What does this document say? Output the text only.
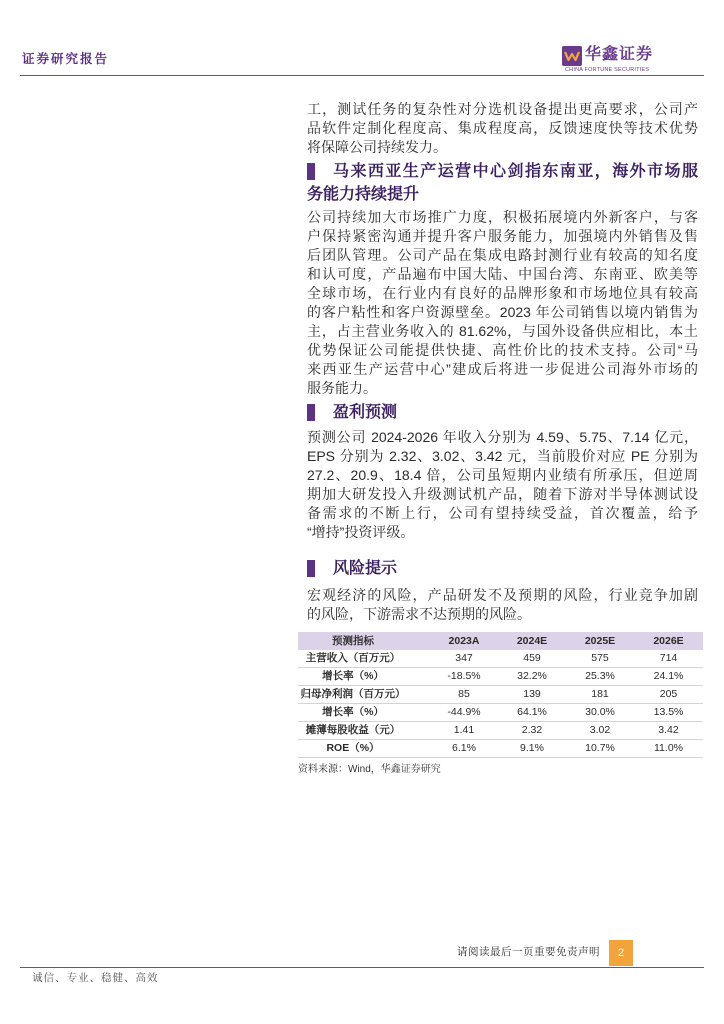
证券研究报告	华鑫证券
CHINA FORTUNE SECURITIES
工，测试任务的复杂性对分选机设备提出更高要求，公司产
品软件定制化程度高、集成程度高，反馈速度快等技术优势
将保障公司持续发力。
马来西亚生产运营中心剑指东南亚，海外市场服
务能力持续提升
公司持续加大市场推广力度，积极拓展境内外新客户，与客
户保持紧密沟通并提升客户服务能力，加强境内外销售及售
后团队管理。公司产品在集成电路封测行业有较高的知名度
和认可度，产品遍布中国大陆、中国台湾、东南亚、欧美等
全球市场，在行业内有良好的品牌形象和市场地位具有较高
的客户粘性和客户资源壁垒。2023 年公司销售以境内销售为
主，占主营业务收入的 81.62%，与国外设备供应相比，本土
优势保证公司能提供快捷、高性价比的技术支持。公司“马
来西亚生产运营中心”建成后将进一步促进公司海外市场的
服务能力。
盈利预测
预测公司 2024-2026 年收入分别为 4.59、5.75、7.14 亿元，
EPS 分别为 2.32、3.02、3.42 元，当前股价对应 PE 分别为
27.2、20.9、18.4 倍，公司虽短期内业绩有所承压，但逆周
期加大研发投入升级测试机产品，随着下游对半导体测试设
备需求的不断上行，公司有望持续受益，首次覆盖，给予
“增持”投资评级。
风险提示
宏观经济的风险，产品研发不及预期的风险，行业竞争加剧
的风险，下游需求不达预期的风险。
预测指标	2023A	2024E	2025E	2026E
主营收入（百万元）	347	459	575	714
增长率（%）	-18.5%	32.2%	25.3%	24.1%
归母净利润（百万元）	85	139	181	205
增长率（%）	-44.9%	64.1%	30.0%	13.5%
摊薄每股收益（元）	1.41	2.32	3.02	3.42
ROE（%）	6.1%	9.1%	10.7%	11.0%
资料来源：Wind，华鑫证券研究
请阅读最后一页重要免责声明	2
诚信、专业、稳健、高效
